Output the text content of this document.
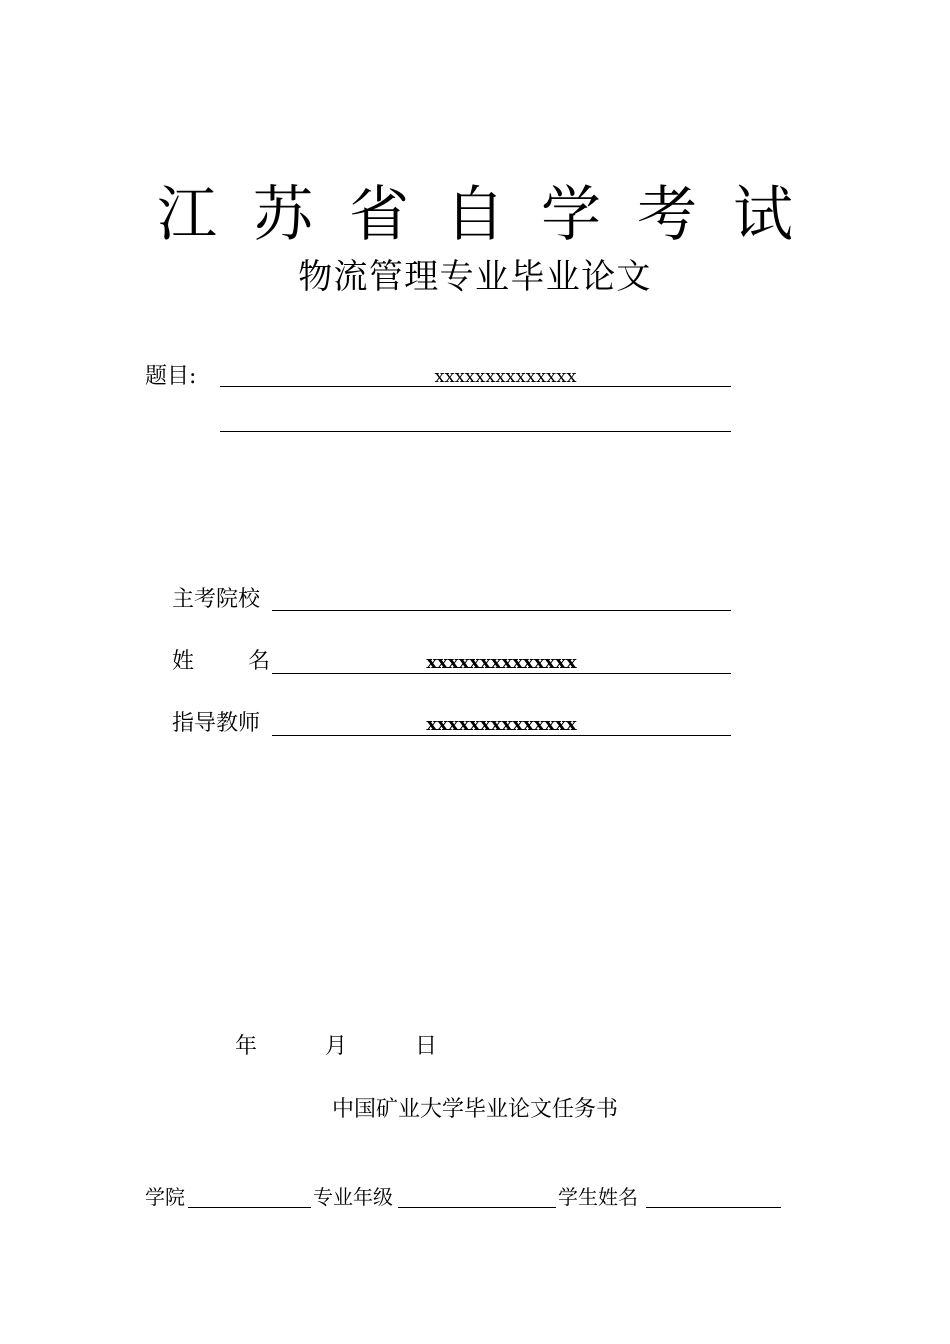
江苏省自学考试
物流管理专业毕业论文
题目:	xxxxxxxxxxxxxx
主考院校
姓 名	xxxxxxxxxxxxxx
指导教师	xxxxxxxxxxxxxx
年	月	日
中国矿业大学毕业论文任务书
学院	专业年级	学生姓名
